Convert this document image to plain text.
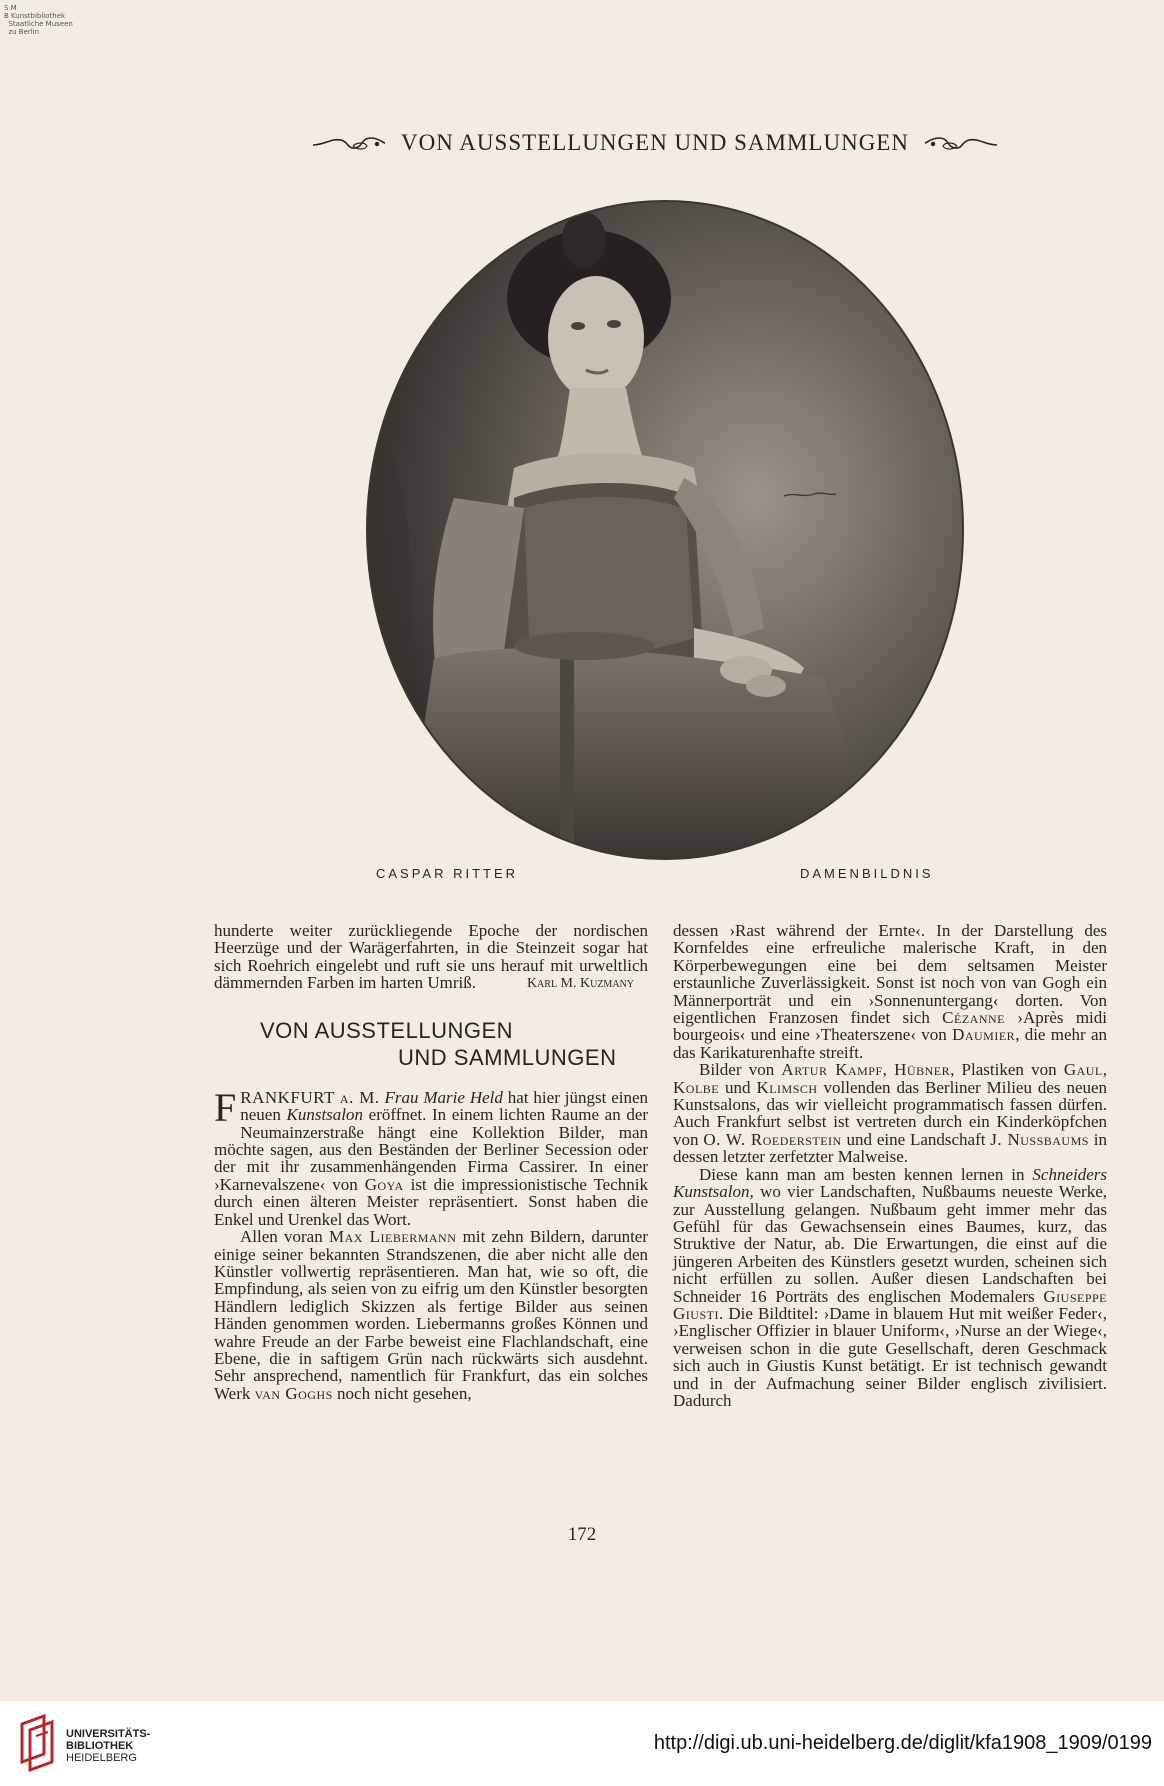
S M
B Kunstbibliothek
Staatliche Museen
zu Berlin
VON AUSSTELLUNGEN UND SAMMLUNGEN
CASPAR RITTER	DAMENBILDNIS

hunderte weiter zurückliegende Epoche der nordischen Heerzüge und der Warägerfahrten, in die Steinzeit sogar hat sich Roehrich eingelebt und ruft sie uns herauf mit urweltlich dämmernden Farben im harten Umriß.	Karl M. Kuzmany
VON AUSSTELLUNGEN
UND SAMMLUNGEN

FRANKFURT a. M. Frau Marie Held hat hier jüngst einen neuen Kunstsalon eröffnet. In einem lichten Raume an der Neumainzerstraße hängt eine Kollektion Bilder, man möchte sagen, aus den Beständen der Berliner Secession oder der mit ihr zusammenhängenden Firma Cassirer. In einer ›Karnevalszene‹ von Goya ist die impressionistische Technik durch einen älteren Meister repräsentiert. Sonst haben die Enkel und Urenkel das Wort.

Allen voran Max Liebermann mit zehn Bildern, darunter einige seiner bekannten Strandszenen, die aber nicht alle den Künstler vollwertig repräsentieren. Man hat, wie so oft, die Empfindung, als seien von zu eifrig um den Künstler besorgten Händlern lediglich Skizzen als fertige Bilder aus seinen Händen genommen worden. Liebermanns großes Können und wahre Freude an der Farbe beweist eine Flachlandschaft, eine Ebene, die in saftigem Grün nach rückwärts sich ausdehnt. Sehr ansprechend, namentlich für Frankfurt, das ein solches Werk van Goghs noch nicht gesehen,

dessen ›Rast während der Ernte‹. In der Darstellung des Kornfeldes eine erfreuliche malerische Kraft, in den Körperbewegungen eine bei dem seltsamen Meister erstaunliche Zuverlässigkeit. Sonst ist noch von van Gogh ein Männerporträt und ein ›Sonnenuntergang‹ dorten. Von eigentlichen Franzosen findet sich Cézanne ›Après midi bourgeois‹ und eine ›Theaterszene‹ von Daumier, die mehr an das Karikaturenhafte streift.

Bilder von Artur Kampf, Hübner, Plastiken von Gaul, Kolbe und Klimsch vollenden das Berliner Milieu des neuen Kunstsalons, das wir vielleicht programmatisch fassen dürfen. Auch Frankfurt selbst ist vertreten durch ein Kinderköpfchen von O. W. Roederstein und eine Landschaft J. Nussbaums in dessen letzter zerfetzter Malweise.

Diese kann man am besten kennen lernen in Schneiders Kunstsalon, wo vier Landschaften, Nußbaums neueste Werke, zur Ausstellung gelangen. Nußbaum geht immer mehr das Gefühl für das Gewachsensein eines Baumes, kurz, das Struktive der Natur, ab. Die Erwartungen, die einst auf die jüngeren Arbeiten des Künstlers gesetzt wurden, scheinen sich nicht erfüllen zu sollen. Außer diesen Landschaften bei Schneider 16 Porträts des englischen Modemalers Giuseppe Giusti. Die Bildtitel: ›Dame in blauem Hut mit weißer Feder‹, ›Englischer Offizier in blauer Uniform‹, ›Nurse an der Wiege‹, verweisen schon in die gute Gesellschaft, deren Geschmack sich auch in Giustis Kunst betätigt. Er ist technisch gewandt und in der Aufmachung seiner Bilder englisch zivilisiert. Dadurch

172
UNIVERSITÄTS-
BIBLIOTHEK
HEIDELBERG
http://digi.ub.uni-heidelberg.de/diglit/kfa1908_1909/0199
